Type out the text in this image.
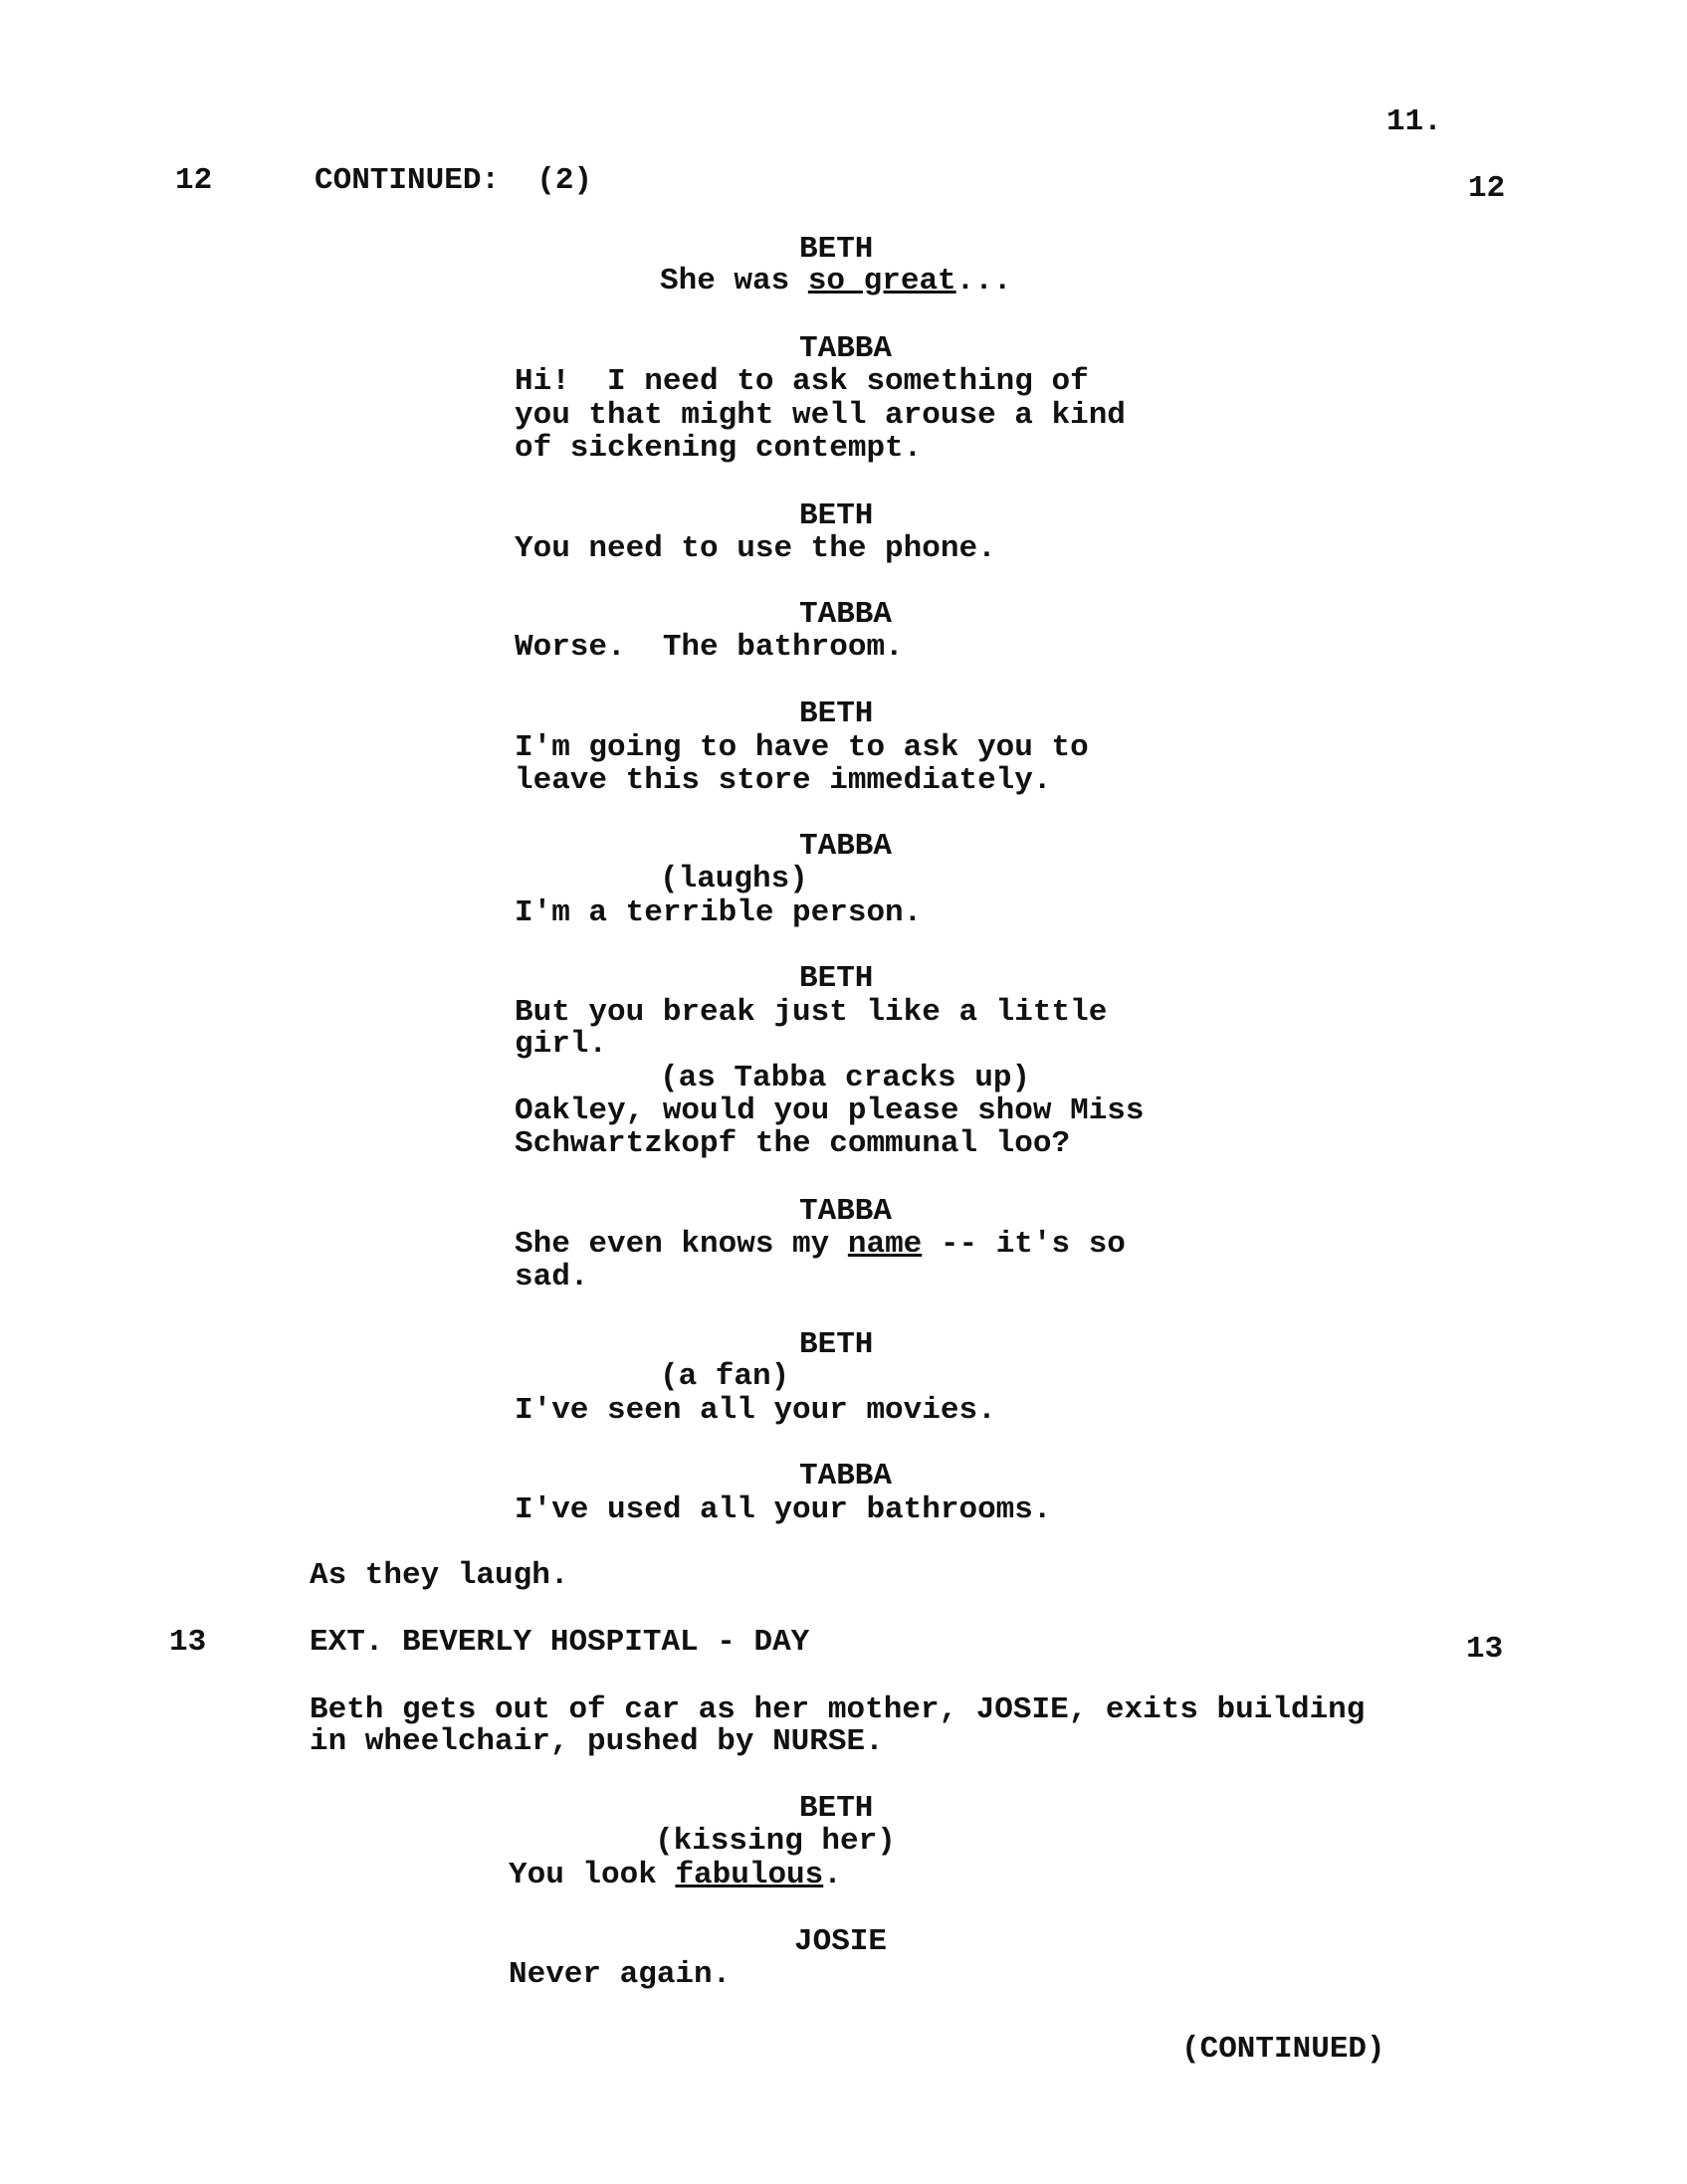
11.
12	CONTINUED:  (2)	12
BETH
She was so great...
TABBA
Hi!  I need to ask something of
you that might well arouse a kind
of sickening contempt.
BETH
You need to use the phone.
TABBA
Worse.  The bathroom.
BETH
I'm going to have to ask you to
leave this store immediately.
TABBA
(laughs)
I'm a terrible person.
BETH
But you break just like a little
girl.
(as Tabba cracks up)
Oakley, would you please show Miss
Schwartzkopf the communal loo?
TABBA
She even knows my name -- it's so
sad.
BETH
(a fan)
I've seen all your movies.
TABBA
I've used all your bathrooms.
As they laugh.
13	EXT. BEVERLY HOSPITAL - DAY	13
Beth gets out of car as her mother, JOSIE, exits building
in wheelchair, pushed by NURSE.
BETH
(kissing her)
You look fabulous.
JOSIE
Never again.
(CONTINUED)
